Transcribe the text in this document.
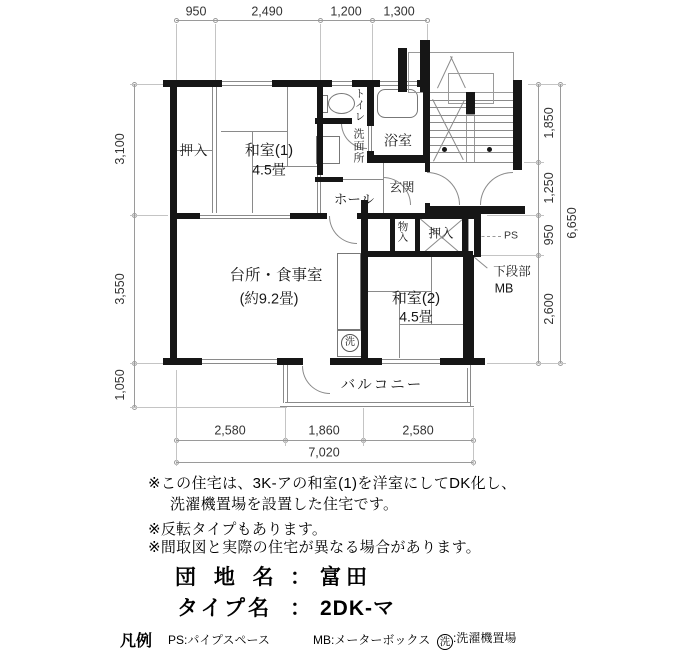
950	2,490	1,200 1,300
3,100
3,550
1,050
1,850
1,250
950
2,600
6,650
2,580	1,860	2,580
7,020
押入 和室(1)
4.5畳
トイレ
洗面所 浴室
玄関
ホール
物入 押入	PS
下段部
MB
台所・食事室
(約9.2畳)	和室(2)
4.5畳
バルコニー
洗
※この住宅は、3K-アの和室(1)を洋室にしてDK化し、
洗濯機置場を設置した住宅です。
※反転タイプもあります。
※間取図と実際の住宅が異なる場合があります。
団 地 名 ： 富田
タイプ名 ： 2DK-マ
凡例 PS:パイプスペース	MB:メーターボックス 洗 :洗濯機置場
